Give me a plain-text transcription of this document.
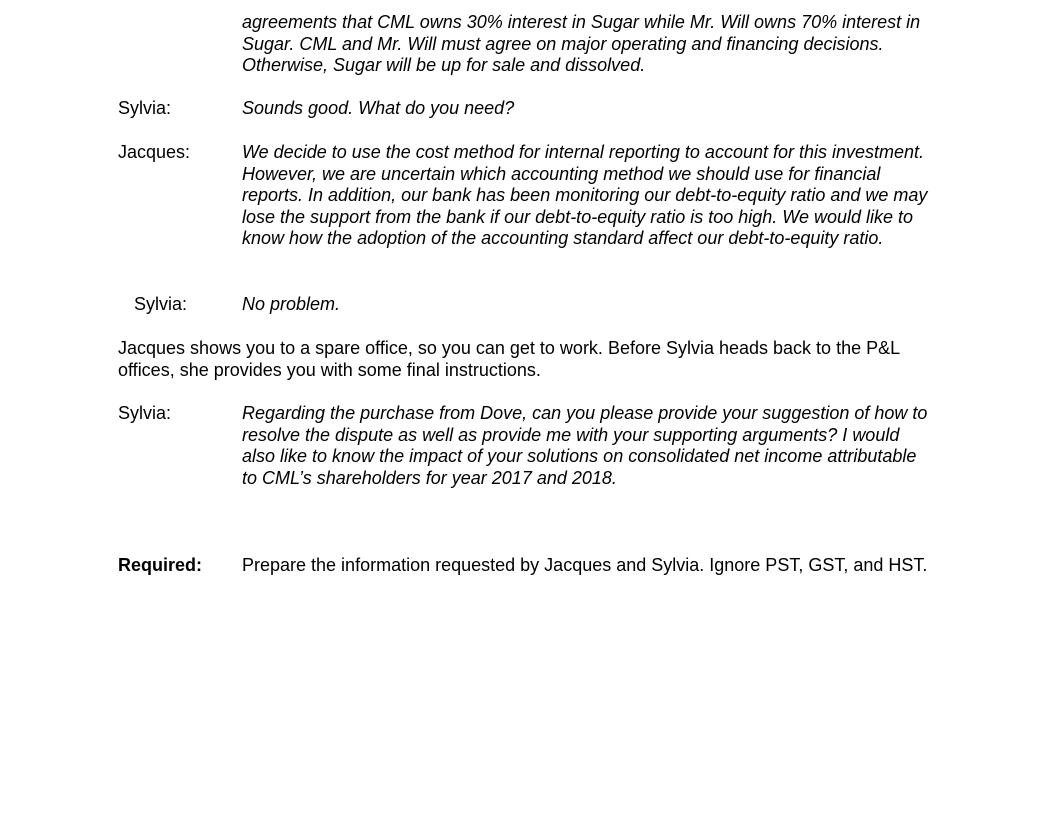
agreements that CML owns 30% interest in Sugar while Mr. Will owns 70% interest in Sugar. CML and Mr. Will must agree on major operating and financing decisions. Otherwise, Sugar will be up for sale and dissolved.
Sylvia:	Sounds good. What do you need?
Jacques:	We decide to use the cost method for internal reporting to account for this investment. However, we are uncertain which accounting method we should use for financial reports. In addition, our bank has been monitoring our debt-to-equity ratio and we may lose the support from the bank if our debt-to-equity ratio is too high. We would like to know how the adoption of the accounting standard affect our debt-to-equity ratio.
Sylvia:	No problem.
Jacques shows you to a spare office, so you can get to work. Before Sylvia heads back to the P&L offices, she provides you with some final instructions.
Sylvia:	Regarding the purchase from Dove, can you please provide your suggestion of how to resolve the dispute as well as provide me with your supporting arguments? I would also like to know the impact of your solutions on consolidated net income attributable to CML’s shareholders for year 2017 and 2018.
Required: Prepare the information requested by Jacques and Sylvia. Ignore PST, GST, and HST.
